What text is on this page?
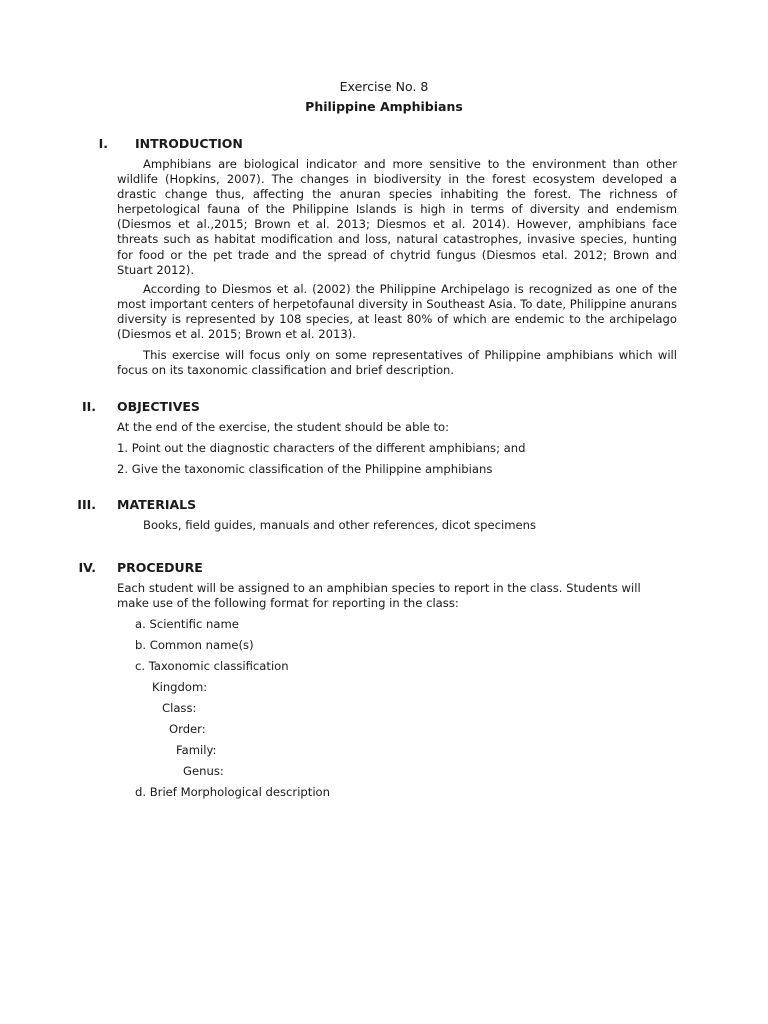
Exercise No. 8
Philippine Amphibians
I. INTRODUCTION

Amphibians are biological indicator and more sensitive to the environment than other wildlife (Hopkins, 2007). The changes in biodiversity in the forest ecosystem developed a drastic change thus, affecting the anuran species inhabiting the forest. The richness of herpetological fauna of the Philippine Islands is high in terms of diversity and endemism (Diesmos et al.,2015; Brown et al. 2013; Diesmos et al. 2014). However, amphibians face threats such as habitat modification and loss, natural catastrophes, invasive species, hunting for food or the pet trade and the spread of chytrid fungus (Diesmos etal. 2012; Brown and Stuart 2012).

According to Diesmos et al. (2002) the Philippine Archipelago is recognized as one of the most important centers of herpetofaunal diversity in Southeast Asia. To date, Philippine anurans diversity is represented by 108 species, at least 80% of which are endemic to the archipelago (Diesmos et al. 2015; Brown et al. 2013).

This exercise will focus only on some representatives of Philippine amphibians which will focus on its taxonomic classification and brief description.

II. OBJECTIVES
At the end of the exercise, the student should be able to:
1. Point out the diagnostic characters of the different amphibians; and
2. Give the taxonomic classification of the Philippine amphibians
III. MATERIALS
Books, field guides, manuals and other references, dicot specimens
IV. PROCEDURE

Each student will be assigned to an amphibian species to report in the class. Students will make use of the following format for reporting in the class:

a. Scientific name
b. Common name(s)
c. Taxonomic classification
Kingdom:
Class:
Order:
Family:
Genus:
d. Brief Morphological description
